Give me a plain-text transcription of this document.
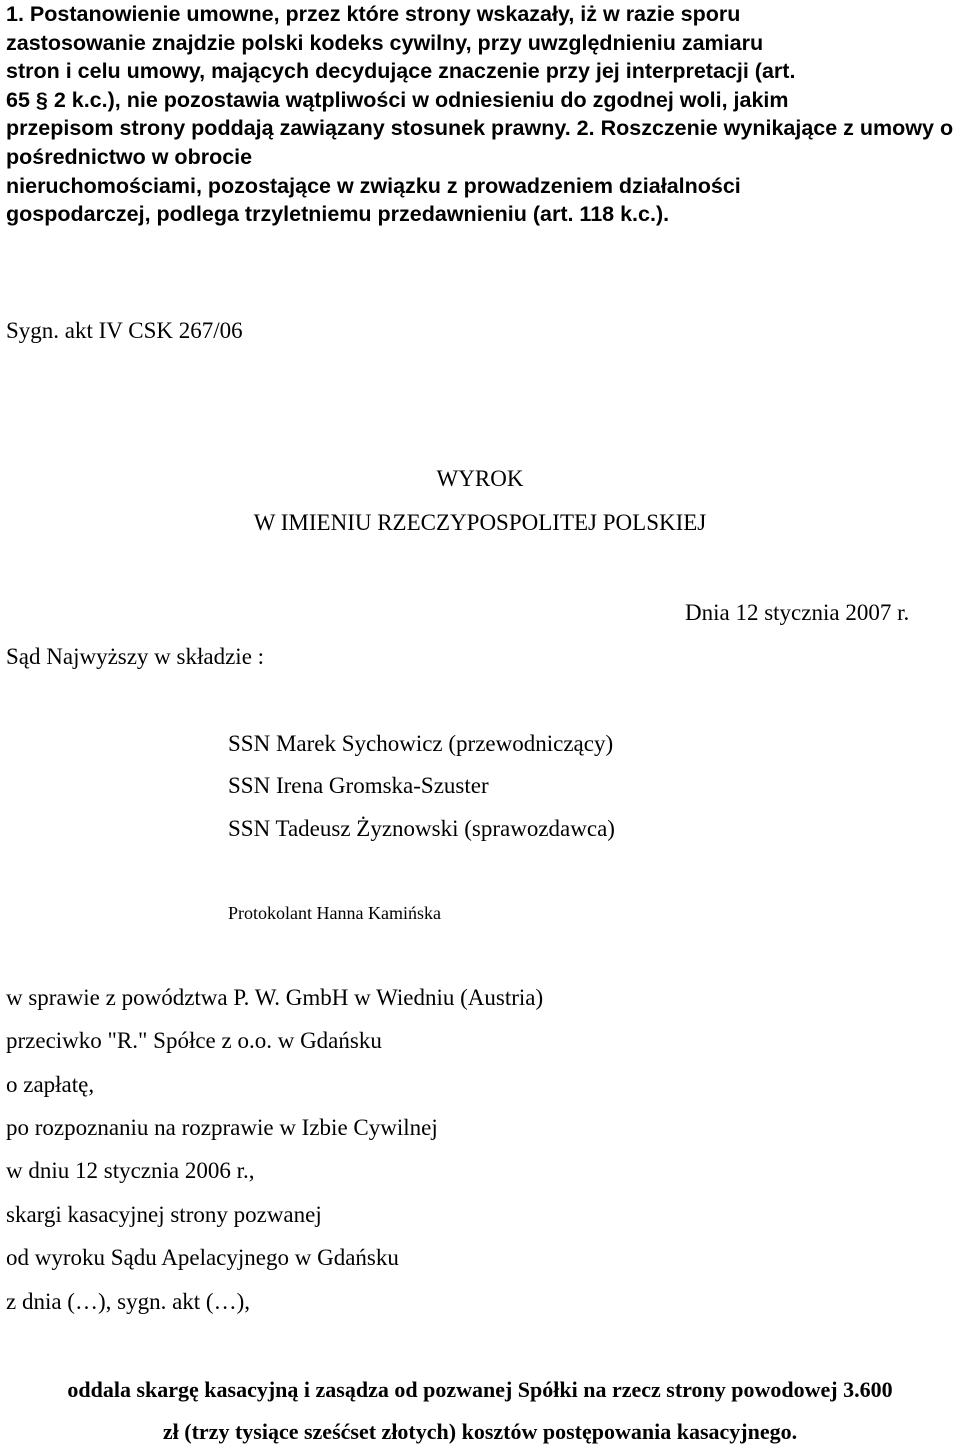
1. Postanowienie umowne, przez które strony wskazały, iż w razie sporu
zastosowanie znajdzie polski kodeks cywilny, przy uwzględnieniu zamiaru
stron i celu umowy, mających decydujące znaczenie przy jej interpretacji (art.
65 § 2 k.c.), nie pozostawia wątpliwości w odniesieniu do zgodnej woli, jakim
przepisom strony poddają zawiązany stosunek prawny. 2. Roszczenie wynikające z umowy o pośrednictwo w obrocie
nieruchomościami, pozostające w związku z prowadzeniem działalności
gospodarczej, podlega trzyletniemu przedawnieniu (art. 118 k.c.).

Sygn. akt IV CSK 267/06

WYROK

W IMIENIU RZECZYPOSPOLITEJ POLSKIEJ

Dnia 12 stycznia 2007 r.

Sąd Najwyższy w składzie :

SSN Marek Sychowicz (przewodniczący)

SSN Irena Gromska-Szuster

SSN Tadeusz Żyznowski (sprawozdawca)

Protokolant Hanna Kamińska

w sprawie z powództwa P. W. GmbH w Wiedniu (Austria)

przeciwko "R." Spółce z o.o. w Gdańsku

o zapłatę,

po rozpoznaniu na rozprawie w Izbie Cywilnej

w dniu 12 stycznia 2006 r.,

skargi kasacyjnej strony pozwanej

od wyroku Sądu Apelacyjnego w Gdańsku

z dnia (…), sygn. akt (…),

oddala skargę kasacyjną i zasądza od pozwanej Spółki na rzecz strony powodowej 3.600

zł (trzy tysiące sześćset złotych) kosztów postępowania kasacyjnego.
